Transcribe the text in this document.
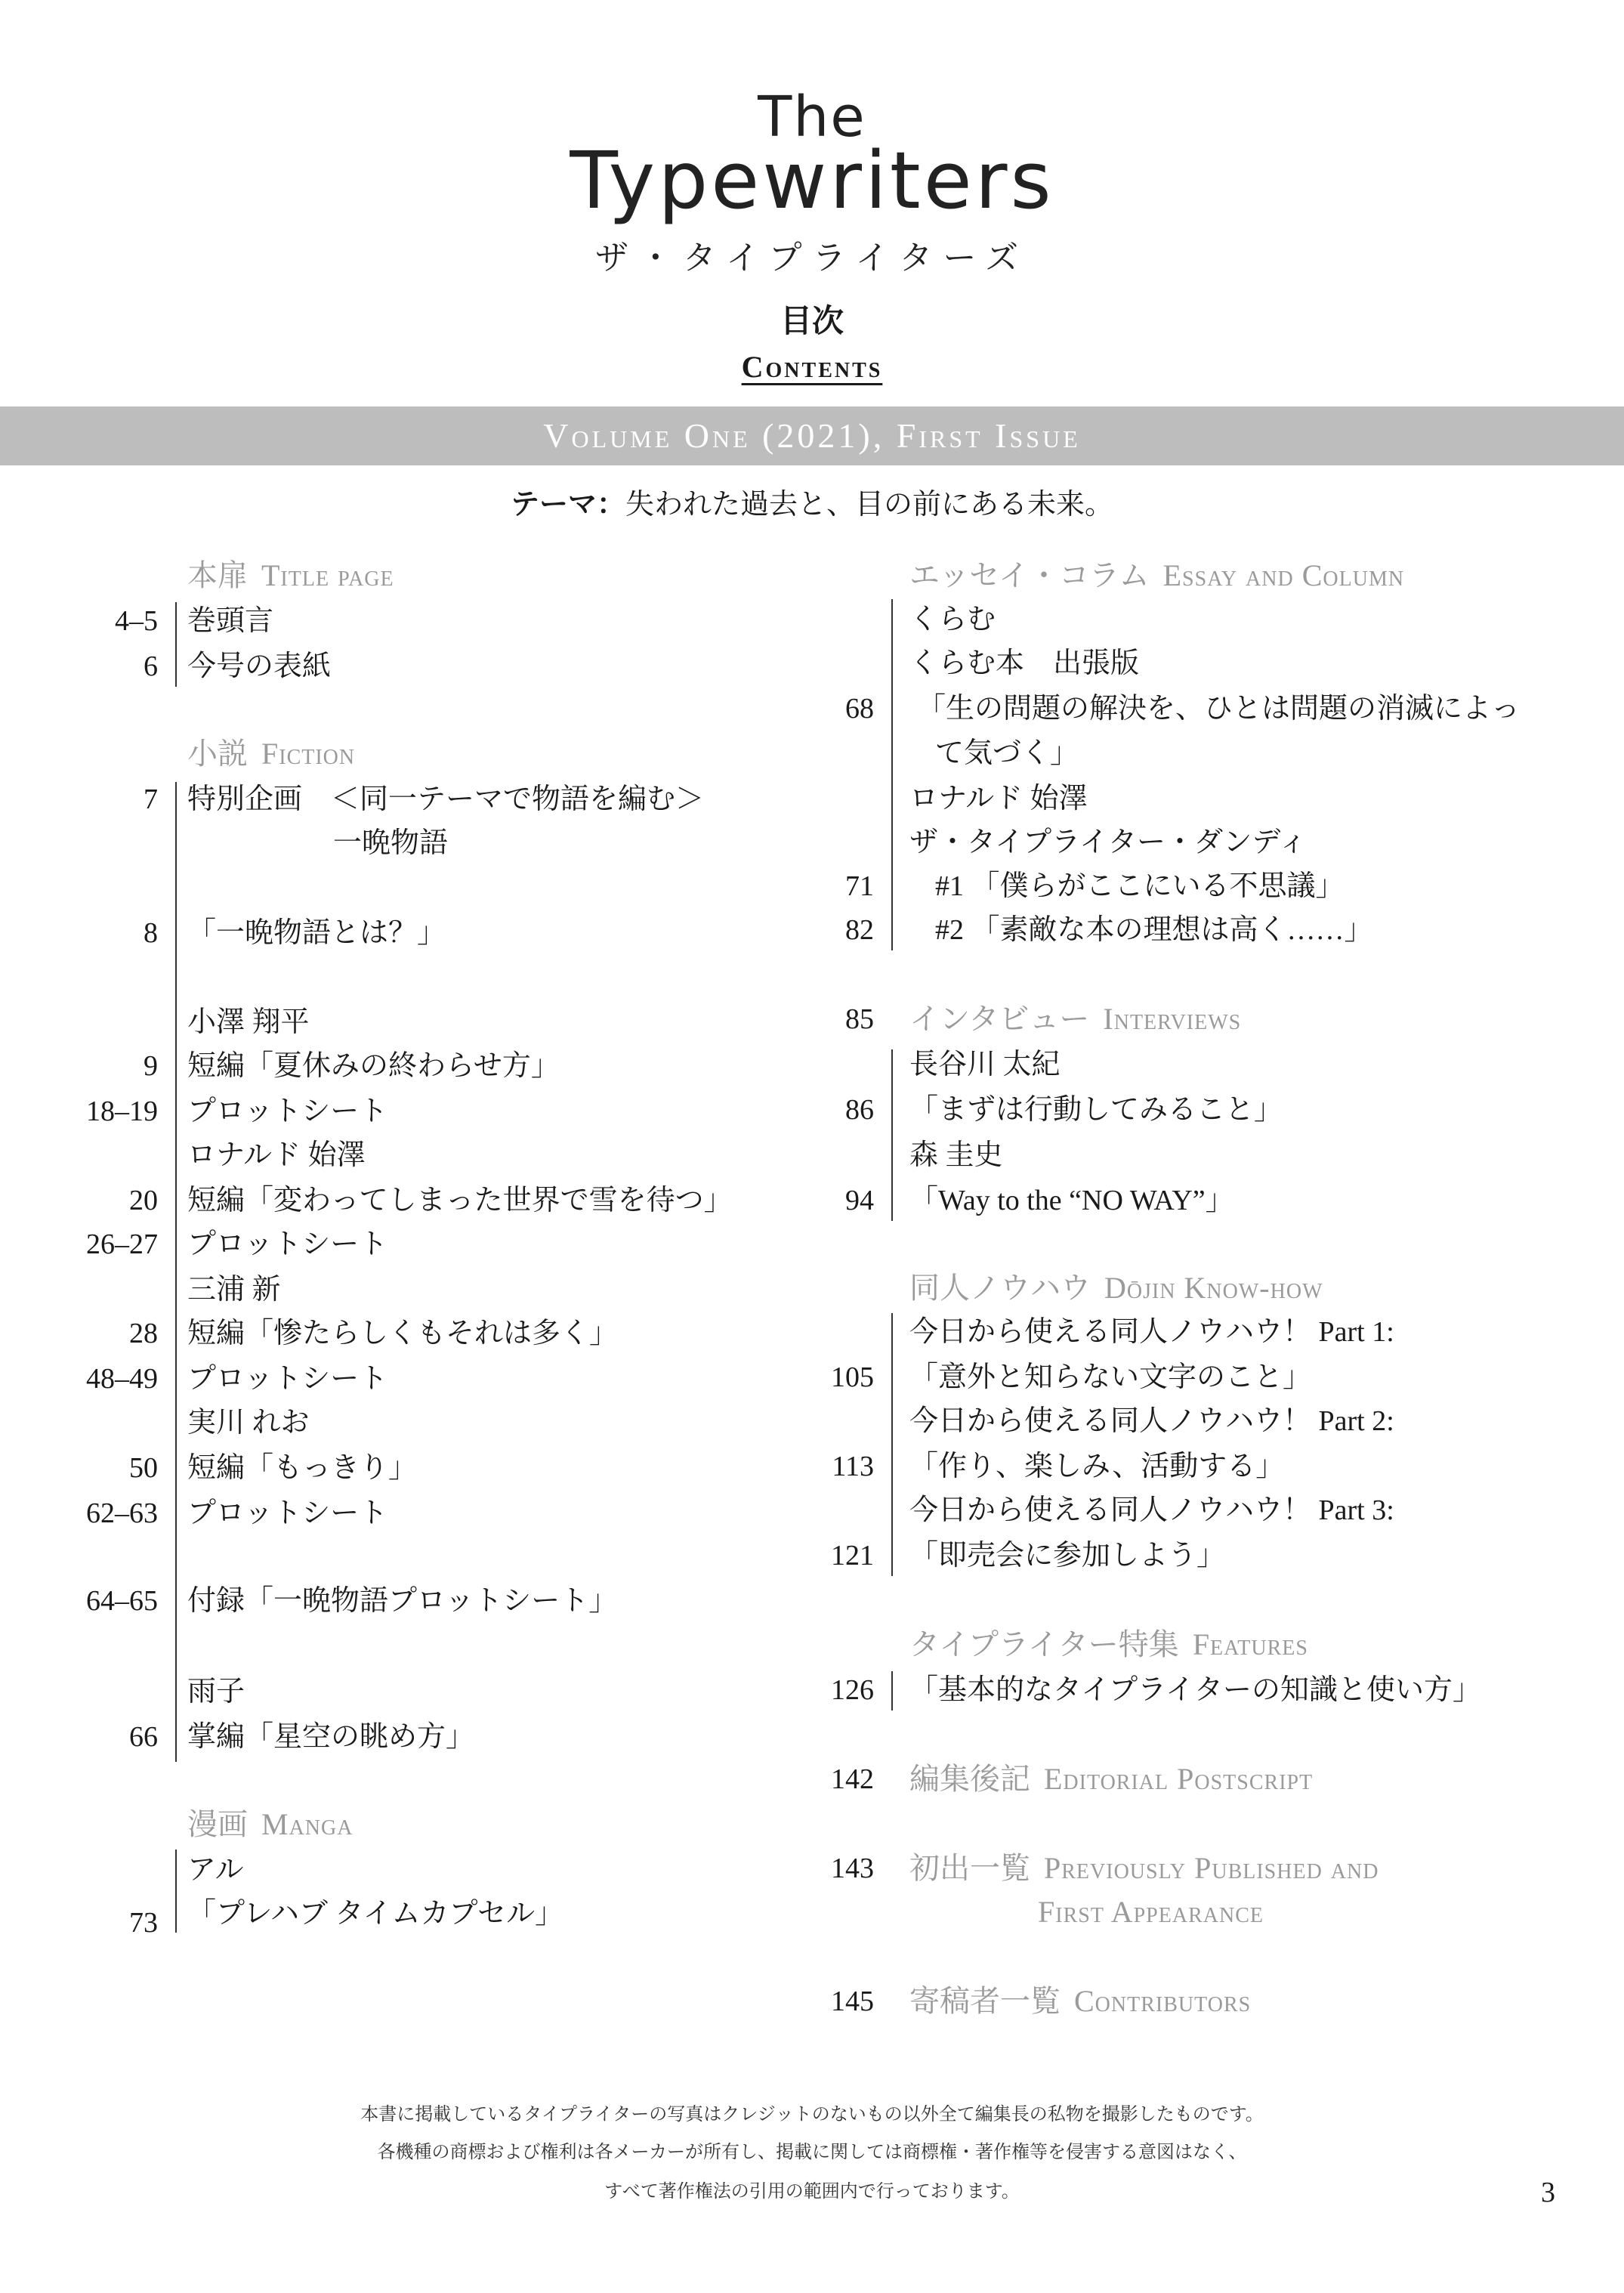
The
Typewriters
ザ・タイプライターズ
目次
Contents
Volume One (2021), First Issue
テーマ：失われた過去と、目の前にある未来。
本扉 Title page
4–5 巻頭言
6 今号の表紙
小説 Fiction
7 特別企画　＜同一テーマで物語を編む＞
一晩物語
8 「一晩物語とは？」
小澤 翔平
9 短編「夏休みの終わらせ方」
18–19 プロットシート
ロナルド 始澤
20 短編「変わってしまった世界で雪を待つ」
26–27 プロットシート
三浦 新
28 短編「惨たらしくもそれは多く」
48–49 プロットシート
実川 れお
50 短編「もっきり」
62–63 プロットシート
64–65 付録「一晩物語プロットシート」
雨子
66 掌編「星空の眺め方」
漫画 Manga
アル
73 「プレハブ タイムカプセル」
エッセイ・コラム Essay and Column
くらむ
くらむ本　出張版
68 「生の問題の解決を、ひとは問題の消滅によっ
て気づく」
ロナルド 始澤
ザ・タイプライター・ダンディ
71 #1 「僕らがここにいる不思議」
82 #2 「素敵な本の理想は高く……」
85 インタビュー Interviews
長谷川 太紀
86 「まずは行動してみること」
森 圭史
94 「Way to the “NO WAY”」
同人ノウハウ Dōjin Know-how
今日から使える同人ノウハウ！ Part 1:
105 「意外と知らない文字のこと」
今日から使える同人ノウハウ！ Part 2:
113 「作り、楽しみ、活動する」
今日から使える同人ノウハウ！ Part 3:
121 「即売会に参加しよう」
タイプライター特集 Features
126 「基本的なタイプライターの知識と使い方」
142 編集後記 Editorial Postscript
143 初出一覧 Previously Published and
First Appearance
145 寄稿者一覧 Contributors
本書に掲載しているタイプライターの写真はクレジットのないもの以外全て編集長の私物を撮影したものです。
各機種の商標および権利は各メーカーが所有し、掲載に関しては商標権・著作権等を侵害する意図はなく、
すべて著作権法の引用の範囲内で行っております。	3
